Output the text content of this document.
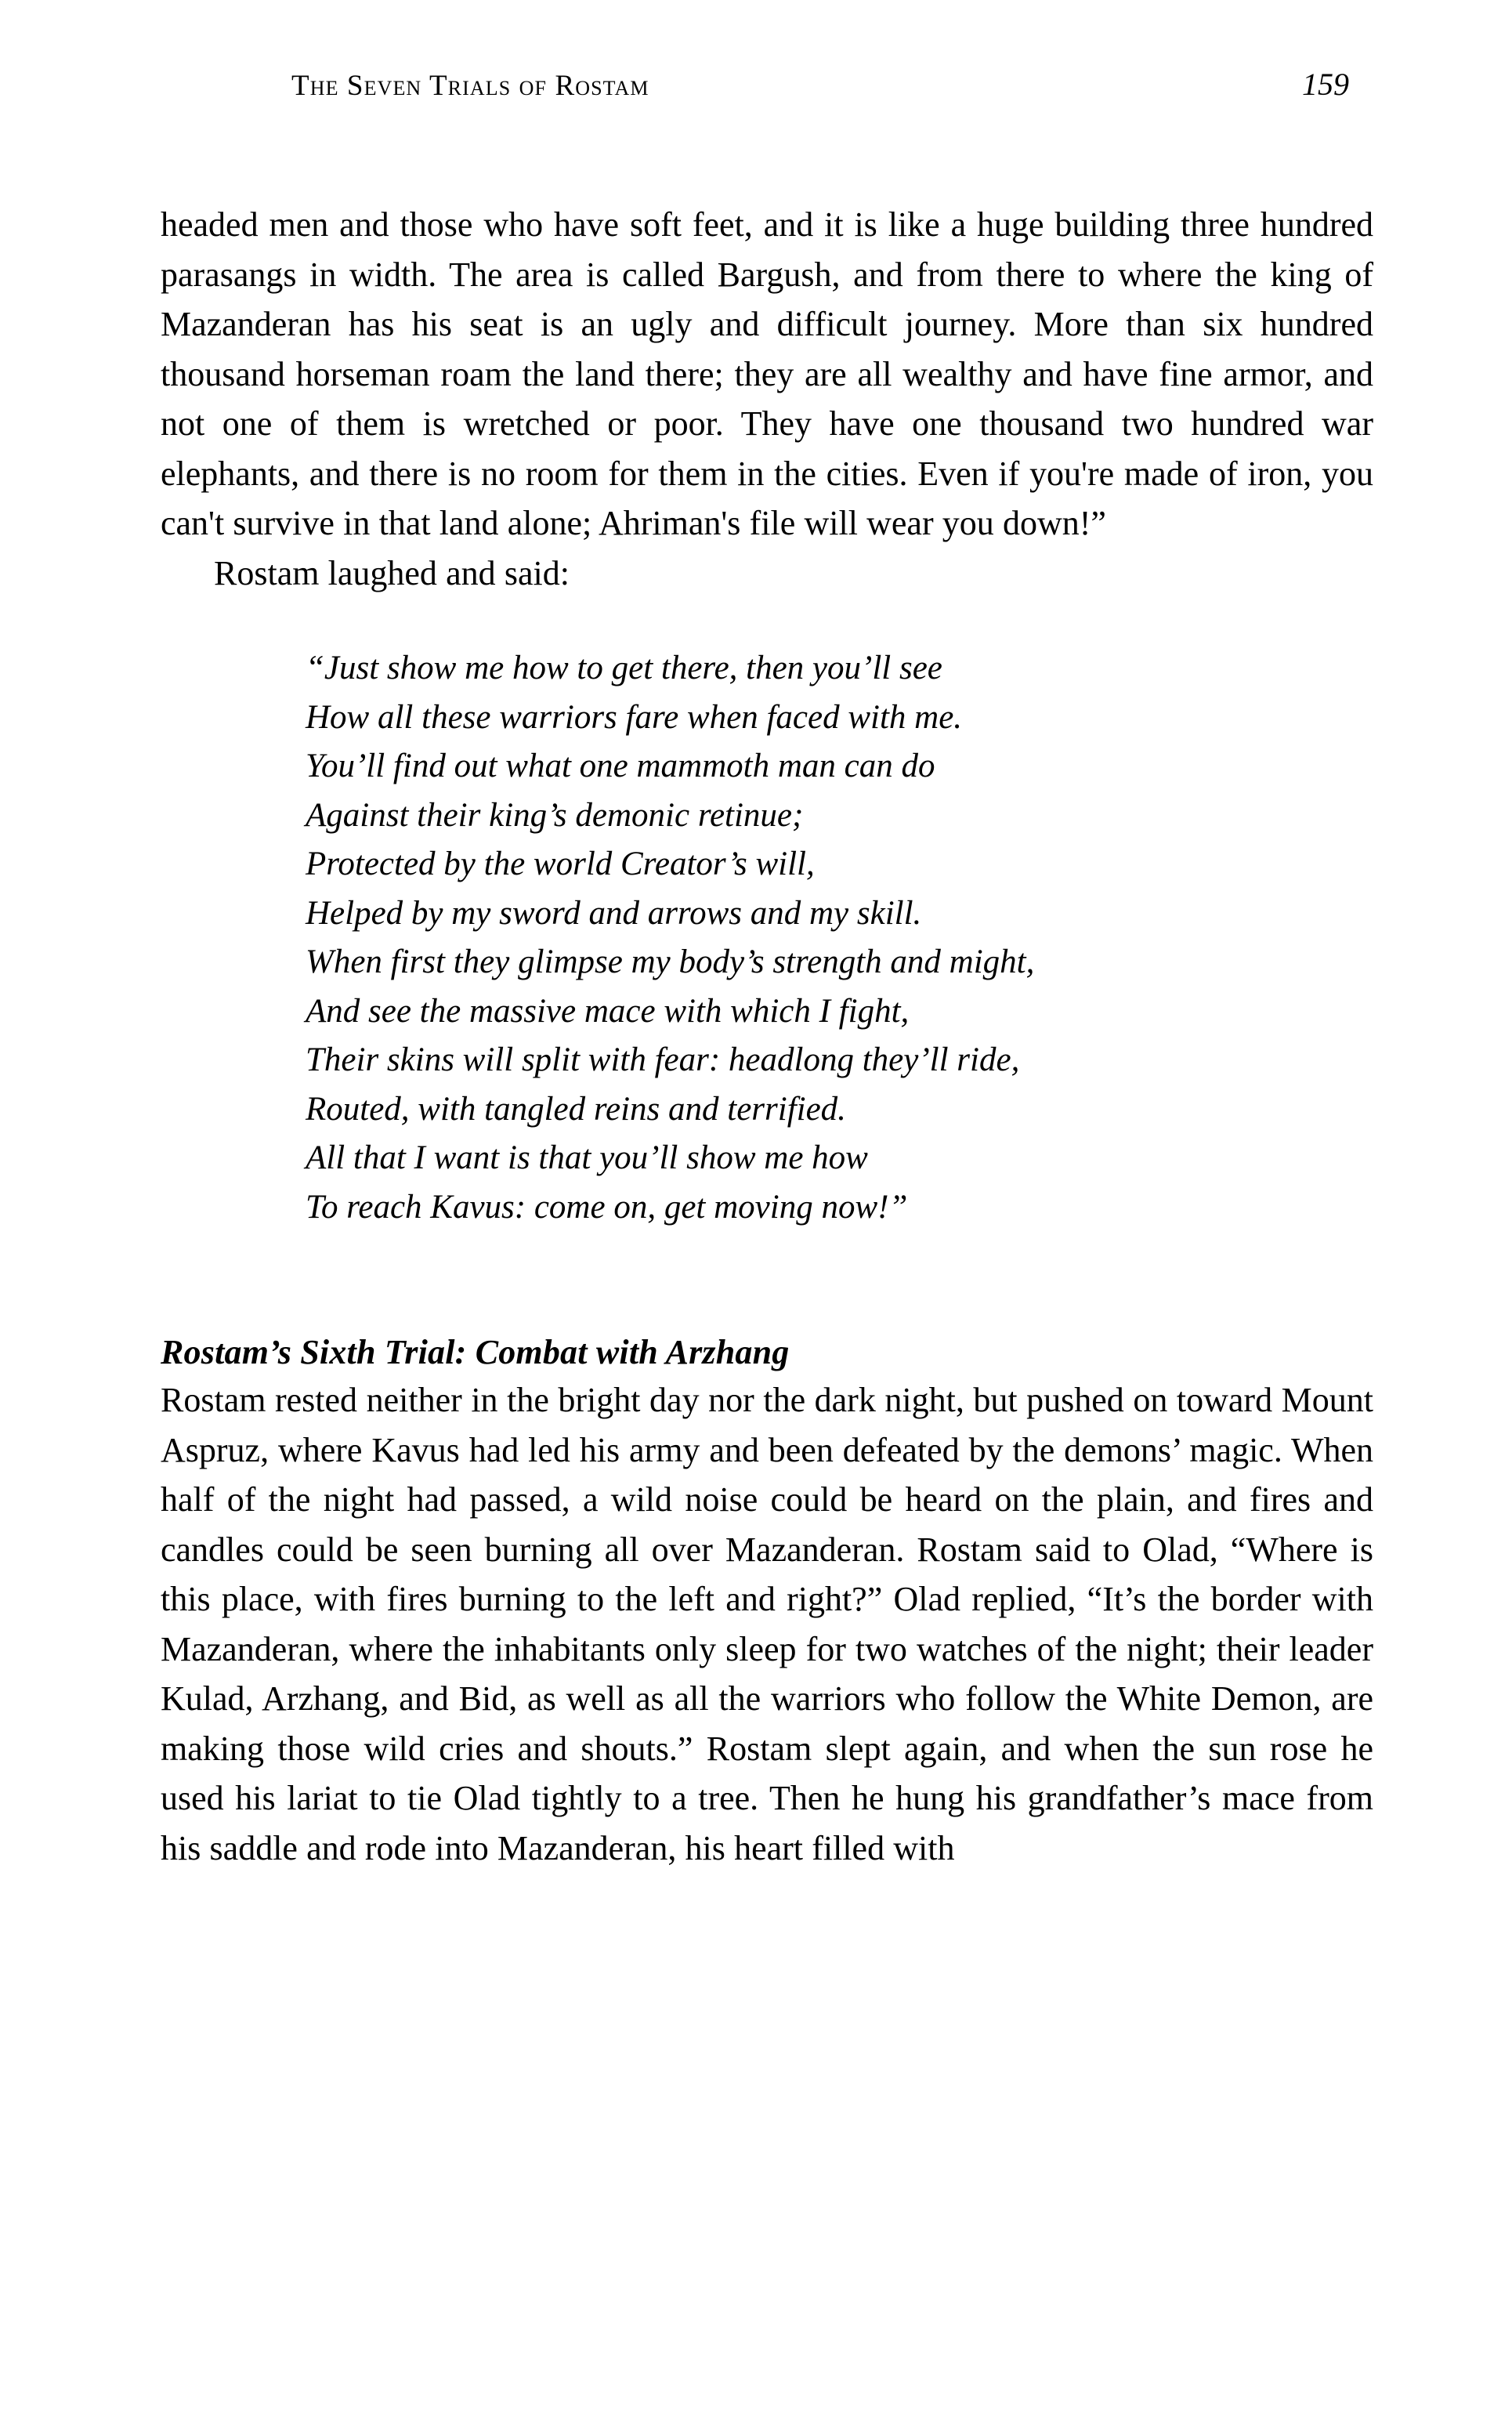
The Seven Trials of Rostam	159

headed men and those who have soft feet, and it is like a huge building three hundred parasangs in width. The area is called Bargush, and from there to where the king of Mazanderan has his seat is an ugly and difficult journey. More than six hundred thousand horseman roam the land there; they are all wealthy and have fine armor, and not one of them is wretched or poor. They have one thousand two hundred war elephants, and there is no room for them in the cities. Even if you're made of iron, you can't survive in that land alone; Ahriman's file will wear you down!”

Rostam laughed and said:

“Just show me how to get there, then you’ll see
How all these warriors fare when faced with me.
You’ll find out what one mammoth man can do
Against their king’s demonic retinue;
Protected by the world Creator’s will,
Helped by my sword and arrows and my skill.
When first they glimpse my body’s strength and might,
And see the massive mace with which I fight,
Their skins will split with fear: headlong they’ll ride,
Routed, with tangled reins and terrified.
All that I want is that you’ll show me how
To reach Kavus: come on, get moving now!”
Rostam’s Sixth Trial: Combat with Arzhang

Rostam rested neither in the bright day nor the dark night, but pushed on toward Mount Aspruz, where Kavus had led his army and been defeated by the demons’ magic. When half of the night had passed, a wild noise could be heard on the plain, and fires and candles could be seen burning all over Mazanderan. Rostam said to Olad, “Where is this place, with fires burning to the left and right?” Olad replied, “It’s the border with Mazanderan, where the inhabitants only sleep for two watches of the night; their leader Kulad, Arzhang, and Bid, as well as all the warriors who follow the White Demon, are making those wild cries and shouts.” Rostam slept again, and when the sun rose he used his lariat to tie Olad tightly to a tree. Then he hung his grandfather’s mace from his saddle and rode into Mazanderan, his heart filled with
